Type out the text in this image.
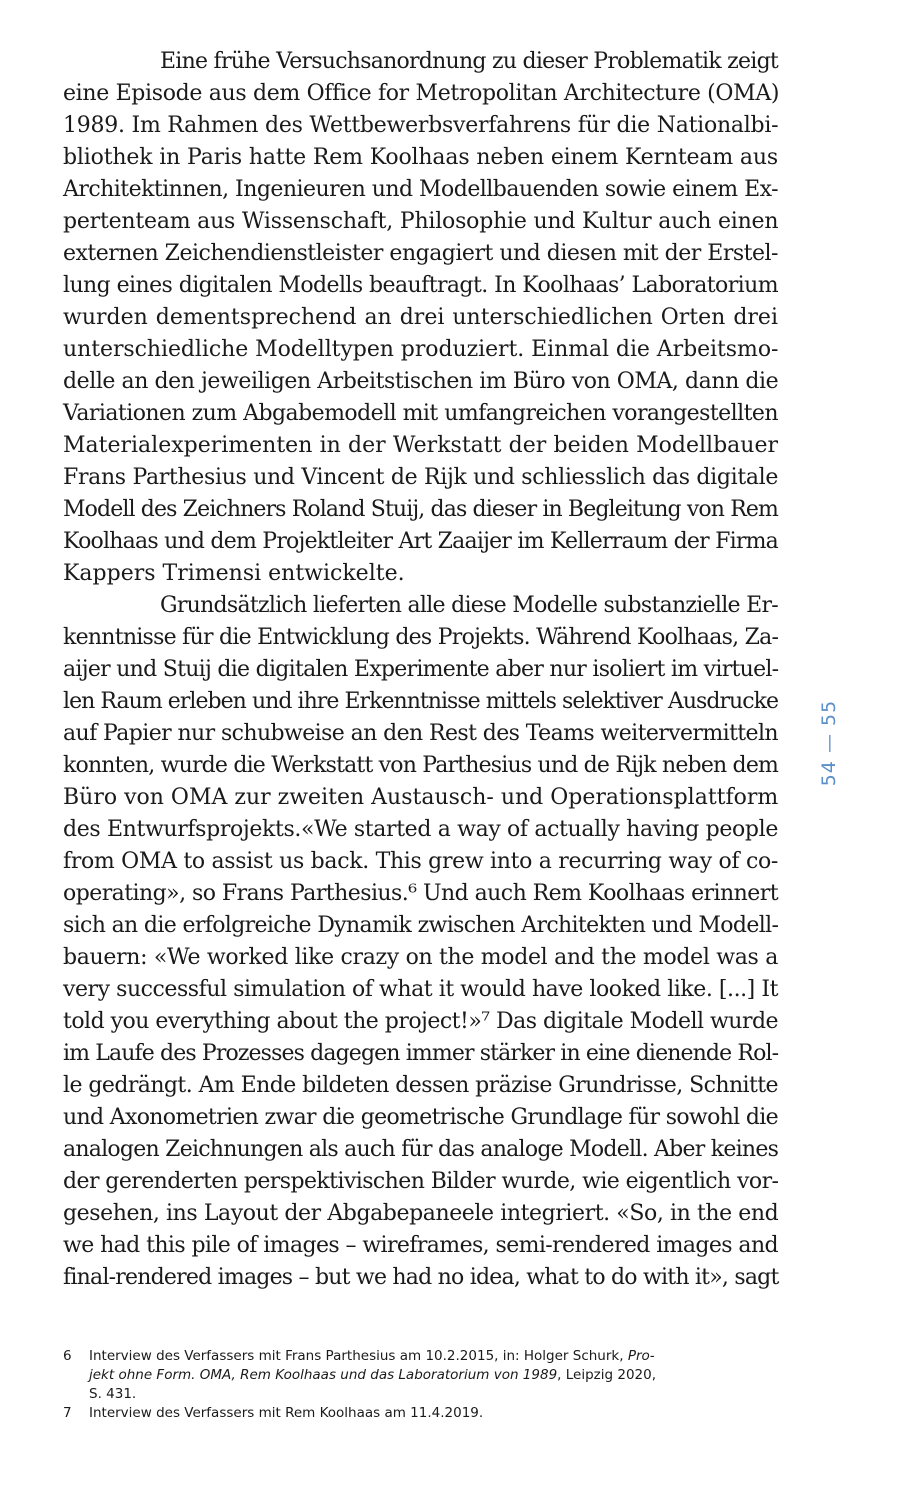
Eine frühe Versuchsanordnung zu dieser Problematik zeigt
eine Episode aus dem Office for Metropolitan Architecture (OMA)
1989. Im Rahmen des Wettbewerbsverfahrens für die Nationalbi-
bliothek in Paris hatte Rem Koolhaas neben einem Kernteam aus
Architektinnen, Ingenieuren und Modellbauenden sowie einem Ex-
pertenteam aus Wissenschaft, Philosophie und Kultur auch einen
externen Zeichendienstleister engagiert und diesen mit der Erstel-
lung eines digitalen Modells beauftragt. In Koolhaas’ Laboratorium
wurden dementsprechend an drei unterschiedlichen Orten drei
unterschiedliche Modelltypen produziert. Einmal die Arbeitsmo-
delle an den jeweiligen Arbeitstischen im Büro von OMA, dann die
Variationen zum Abgabemodell mit umfangreichen vorangestellten
Materialexperimenten in der Werkstatt der beiden Modellbauer
Frans Parthesius und Vincent de Rijk und schliesslich das digitale
Modell des Zeichners Roland Stuij, das dieser in Begleitung von Rem
Koolhaas und dem Projektleiter Art Zaaijer im Kellerraum der Firma
Kappers Trimensi entwickelte.
Grundsätzlich lieferten alle diese Modelle substanzielle Er-
kenntnisse für die Entwicklung des Projekts. Während Koolhaas, Za-
aijer und Stuij die digitalen Experimente aber nur isoliert im virtuel-
len Raum erleben und ihre Erkenntnisse mittels selektiver Ausdrucke
auf Papier nur schubweise an den Rest des Teams weitervermitteln
konnten, wurde die Werkstatt von Parthesius und de Rijk neben dem
Büro von OMA zur zweiten Austausch- und Operationsplattform
des Entwurfsprojekts.«We started a way of actually having people
from OMA to assist us back. This grew into a recurring way of co-
operating», so Frans Parthesius.⁶ Und auch Rem Koolhaas erinnert
sich an die erfolgreiche Dynamik zwischen Architekten und Modell-
bauern: «We worked like crazy on the model and the model was a
very successful simulation of what it would have looked like. [...] It
told you everything about the project!»⁷ Das digitale Modell wurde
im Laufe des Prozesses dagegen immer stärker in eine dienende Rol-
le gedrängt. Am Ende bildeten dessen präzise Grundrisse, Schnitte
und Axonometrien zwar die geometrische Grundlage für sowohl die
analogen Zeichnungen als auch für das analoge Modell. Aber keines
der gerenderten perspektivischen Bilder wurde, wie eigentlich vor-
gesehen, ins Layout der Abgabepaneele integriert. «So, in the end
we had this pile of images – wireframes, semi-rendered images and
final-rendered images – but we had no idea, what to do with it», sagt
54 — 55
6 Interview des Verfassers mit Frans Parthesius am 10.2.2015, in: Holger Schurk, Pro-
jekt ohne Form. OMA, Rem Koolhaas und das Laboratorium von 1989, Leipzig 2020,
S. 431.
7 Interview des Verfassers mit Rem Koolhaas am 11.4.2019.
